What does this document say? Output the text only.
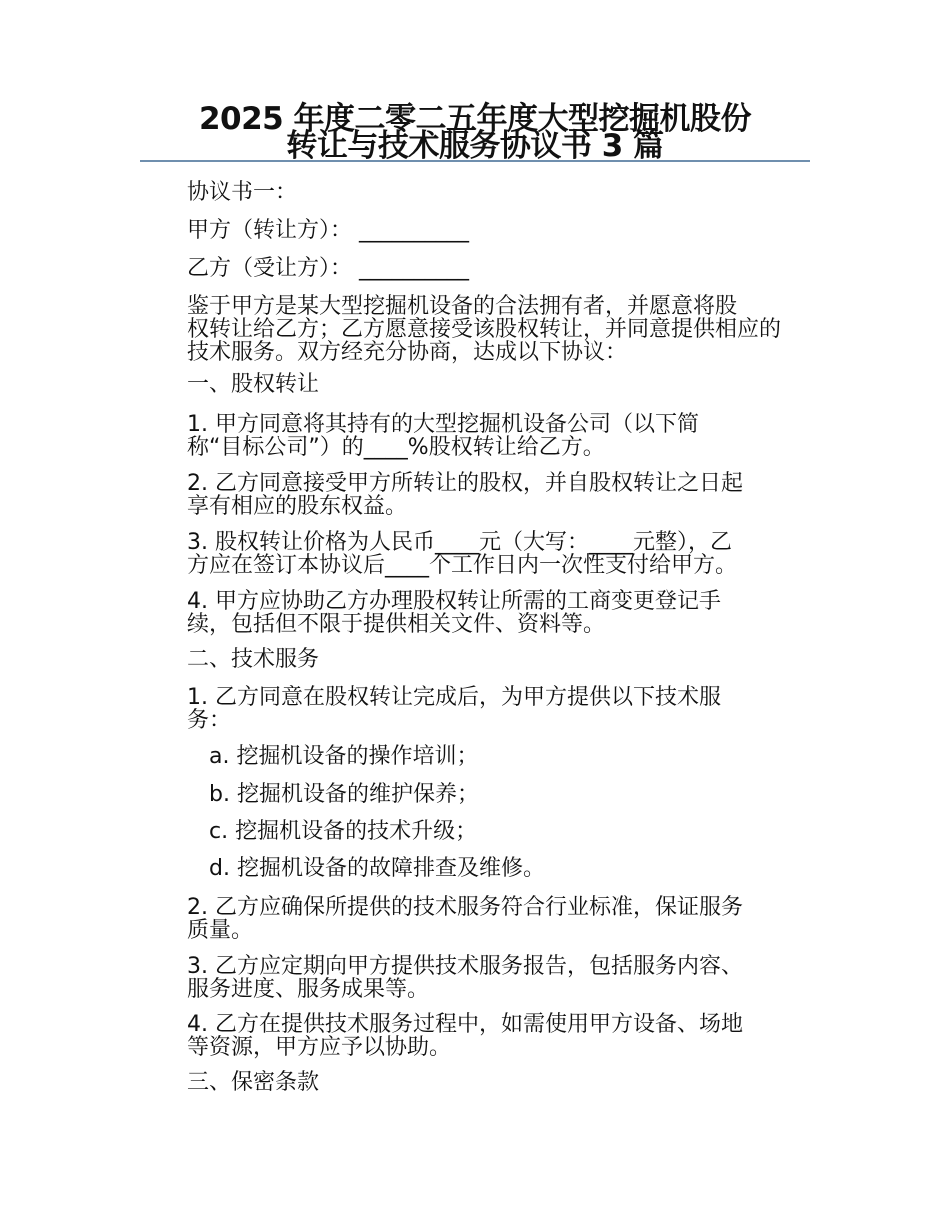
2025 年度二零二五年度大型挖掘机股份
转让与技术服务协议书 3 篇

协议书一：

甲方（转让方）： __________

乙方（受让方）： __________

鉴于甲方是某大型挖掘机设备的合法拥有者，并愿意将股
权转让给乙方；乙方愿意接受该股权转让，并同意提供相应的
技术服务。双方经充分协商，达成以下协议：

一、股权转让

1. 甲方同意将其持有的大型挖掘机设备公司（以下简
称“目标公司”）的____%股权转让给乙方。

2. 乙方同意接受甲方所转让的股权，并自股权转让之日起
享有相应的股东权益。

3. 股权转让价格为人民币____元（大写：____元整），乙
方应在签订本协议后____个工作日内一次性支付给甲方。

4. 甲方应协助乙方办理股权转让所需的工商变更登记手
续，包括但不限于提供相关文件、资料等。

二、技术服务

1. 乙方同意在股权转让完成后，为甲方提供以下技术服
务：

a. 挖掘机设备的操作培训；

b. 挖掘机设备的维护保养；

c. 挖掘机设备的技术升级；

d. 挖掘机设备的故障排查及维修。

2. 乙方应确保所提供的技术服务符合行业标准，保证服务
质量。

3. 乙方应定期向甲方提供技术服务报告，包括服务内容、
服务进度、服务成果等。

4. 乙方在提供技术服务过程中，如需使用甲方设备、场地
等资源，甲方应予以协助。

三、保密条款
